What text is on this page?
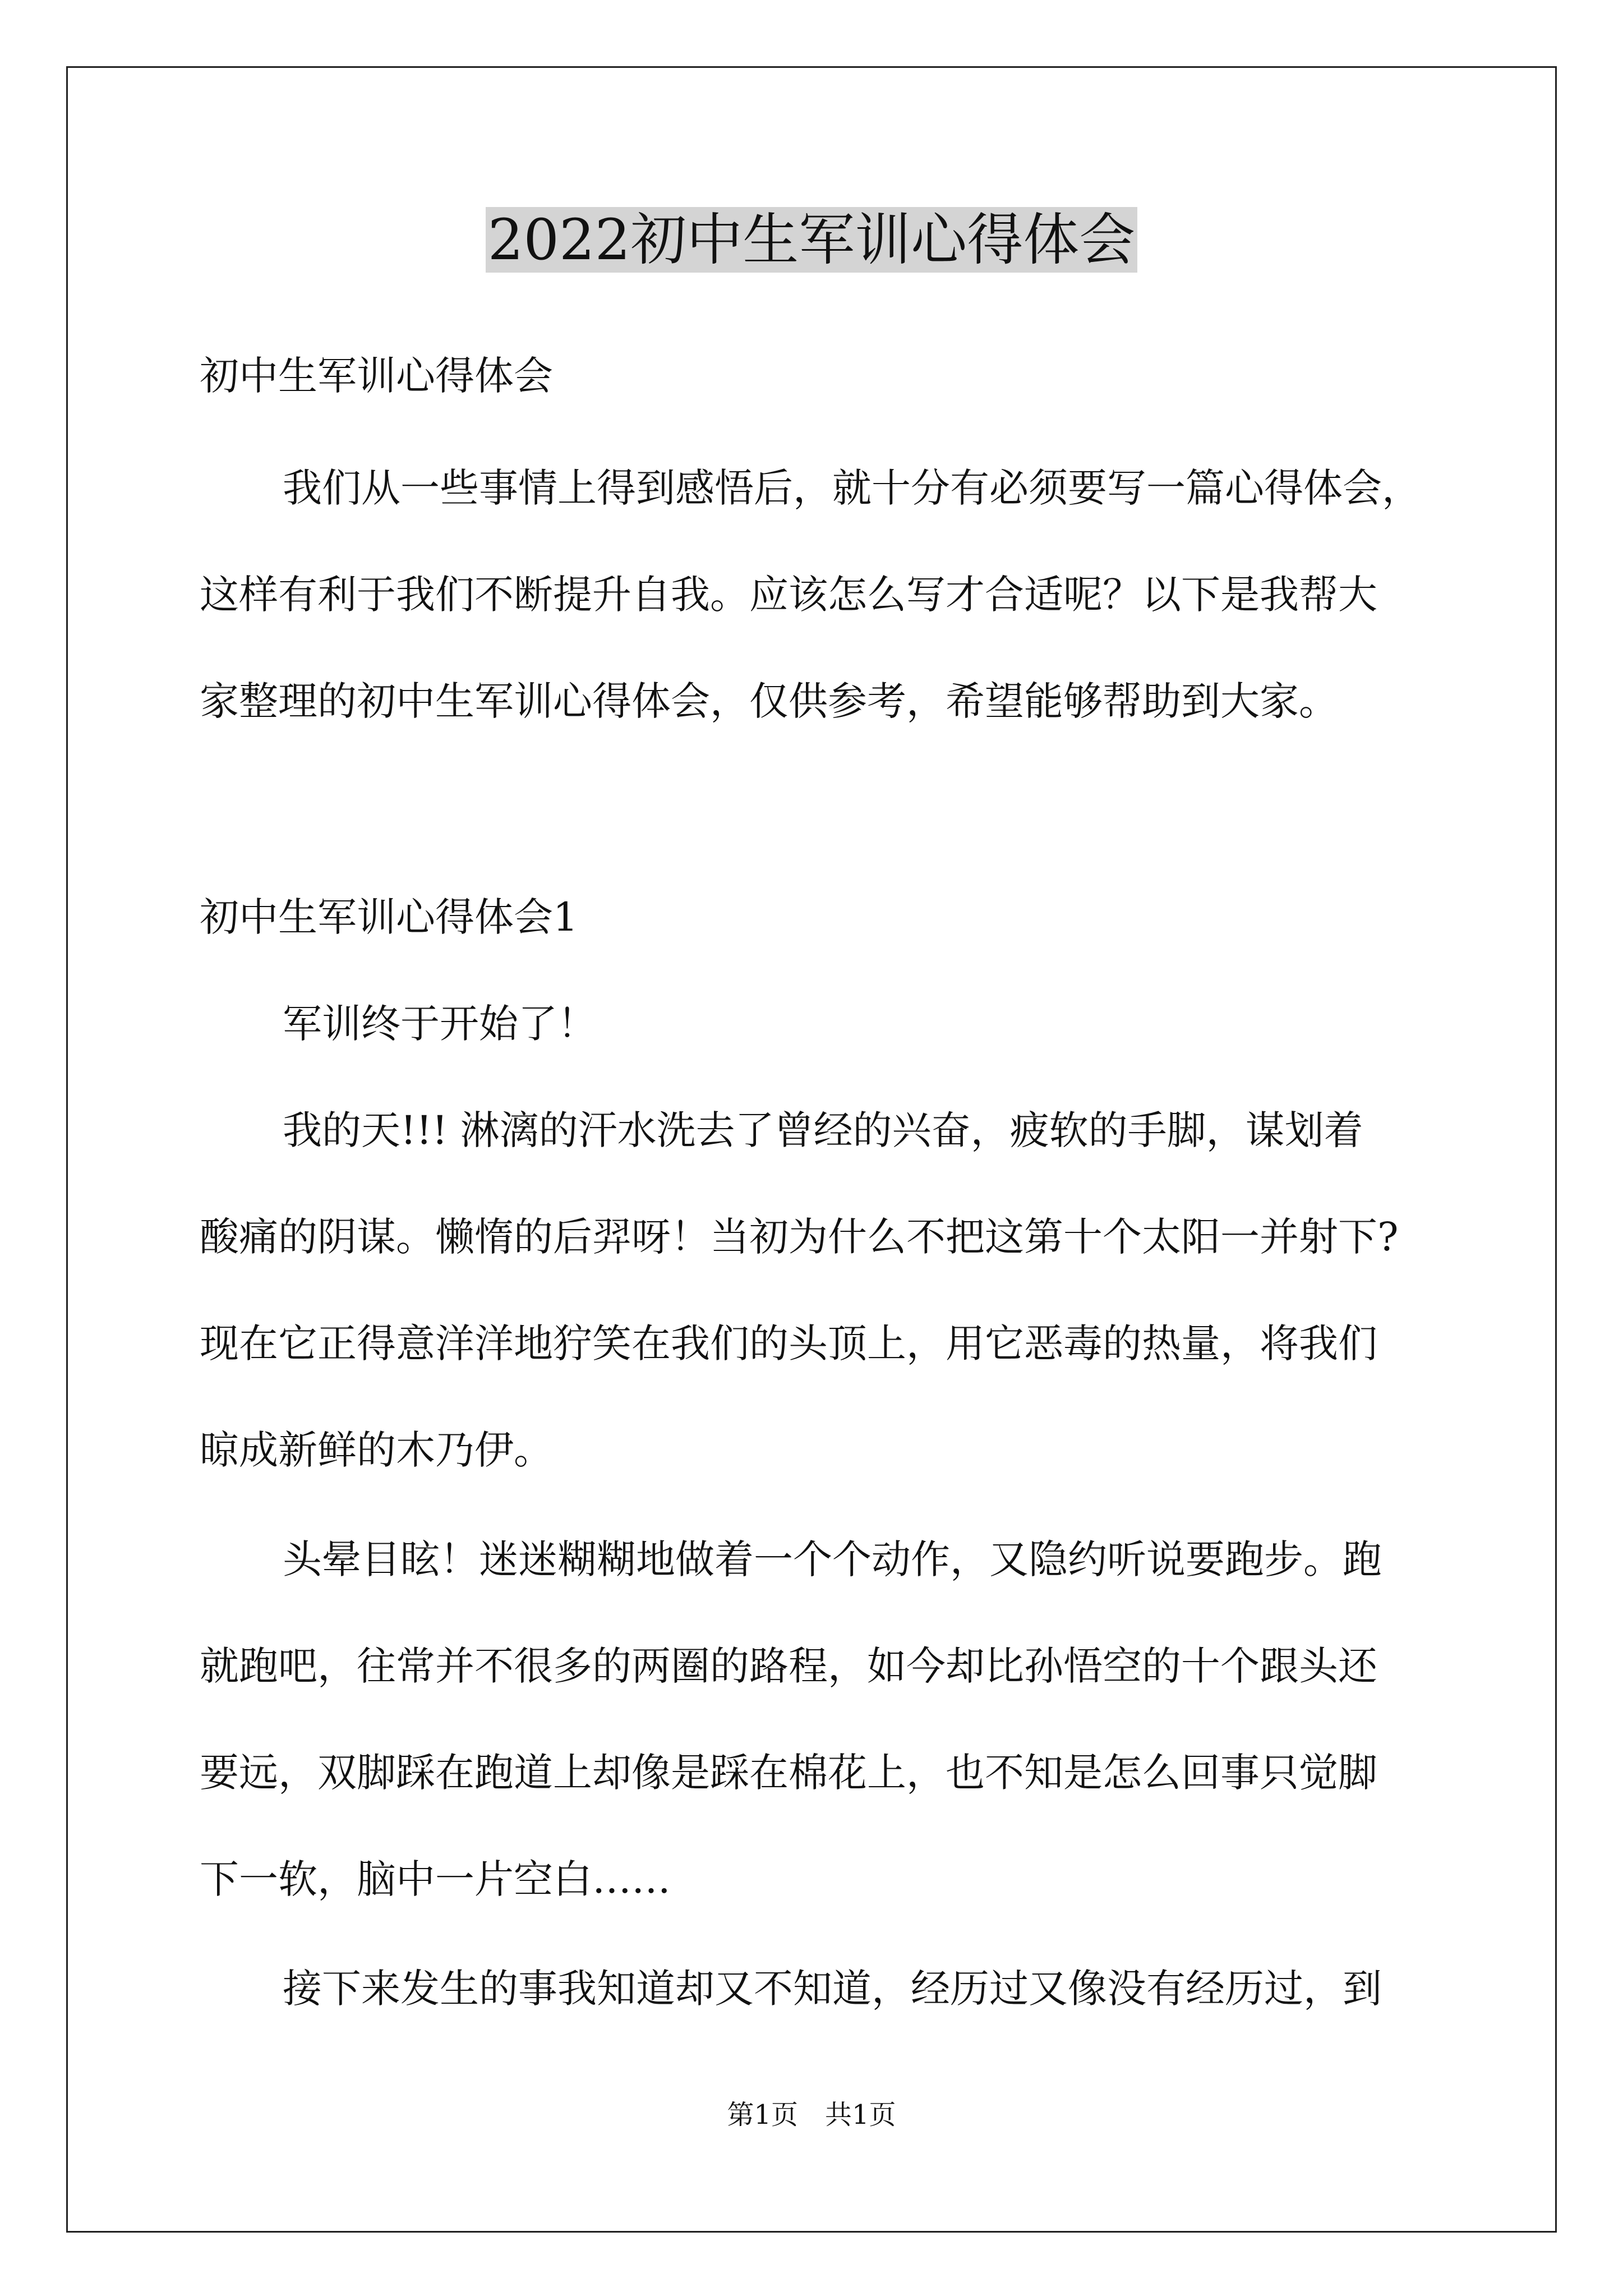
2022初中生军训心得体会
初中生军训心得体会
我们从一些事情上得到感悟后，就十分有必须要写一篇心得体会，
这样有利于我们不断提升自我。应该怎么写才合适呢？以下是我帮大
家整理的初中生军训心得体会，仅供参考，希望能够帮助到大家。
初中生军训心得体会1
军训终于开始了！
我的天!!! 淋漓的汗水洗去了曾经的兴奋，疲软的手脚，谋划着
酸痛的阴谋。懒惰的后羿呀！当初为什么不把这第十个太阳一并射下?
现在它正得意洋洋地狞笑在我们的头顶上，用它恶毒的热量，将我们
晾成新鲜的木乃伊。
头晕目眩！迷迷糊糊地做着一个个动作，又隐约听说要跑步。跑
就跑吧，往常并不很多的两圈的路程，如今却比孙悟空的十个跟头还
要远，双脚踩在跑道上却像是踩在棉花上，也不知是怎么回事只觉脚
下一软，脑中一片空白……
接下来发生的事我知道却又不知道，经历过又像没有经历过，到
第1页　共1页
